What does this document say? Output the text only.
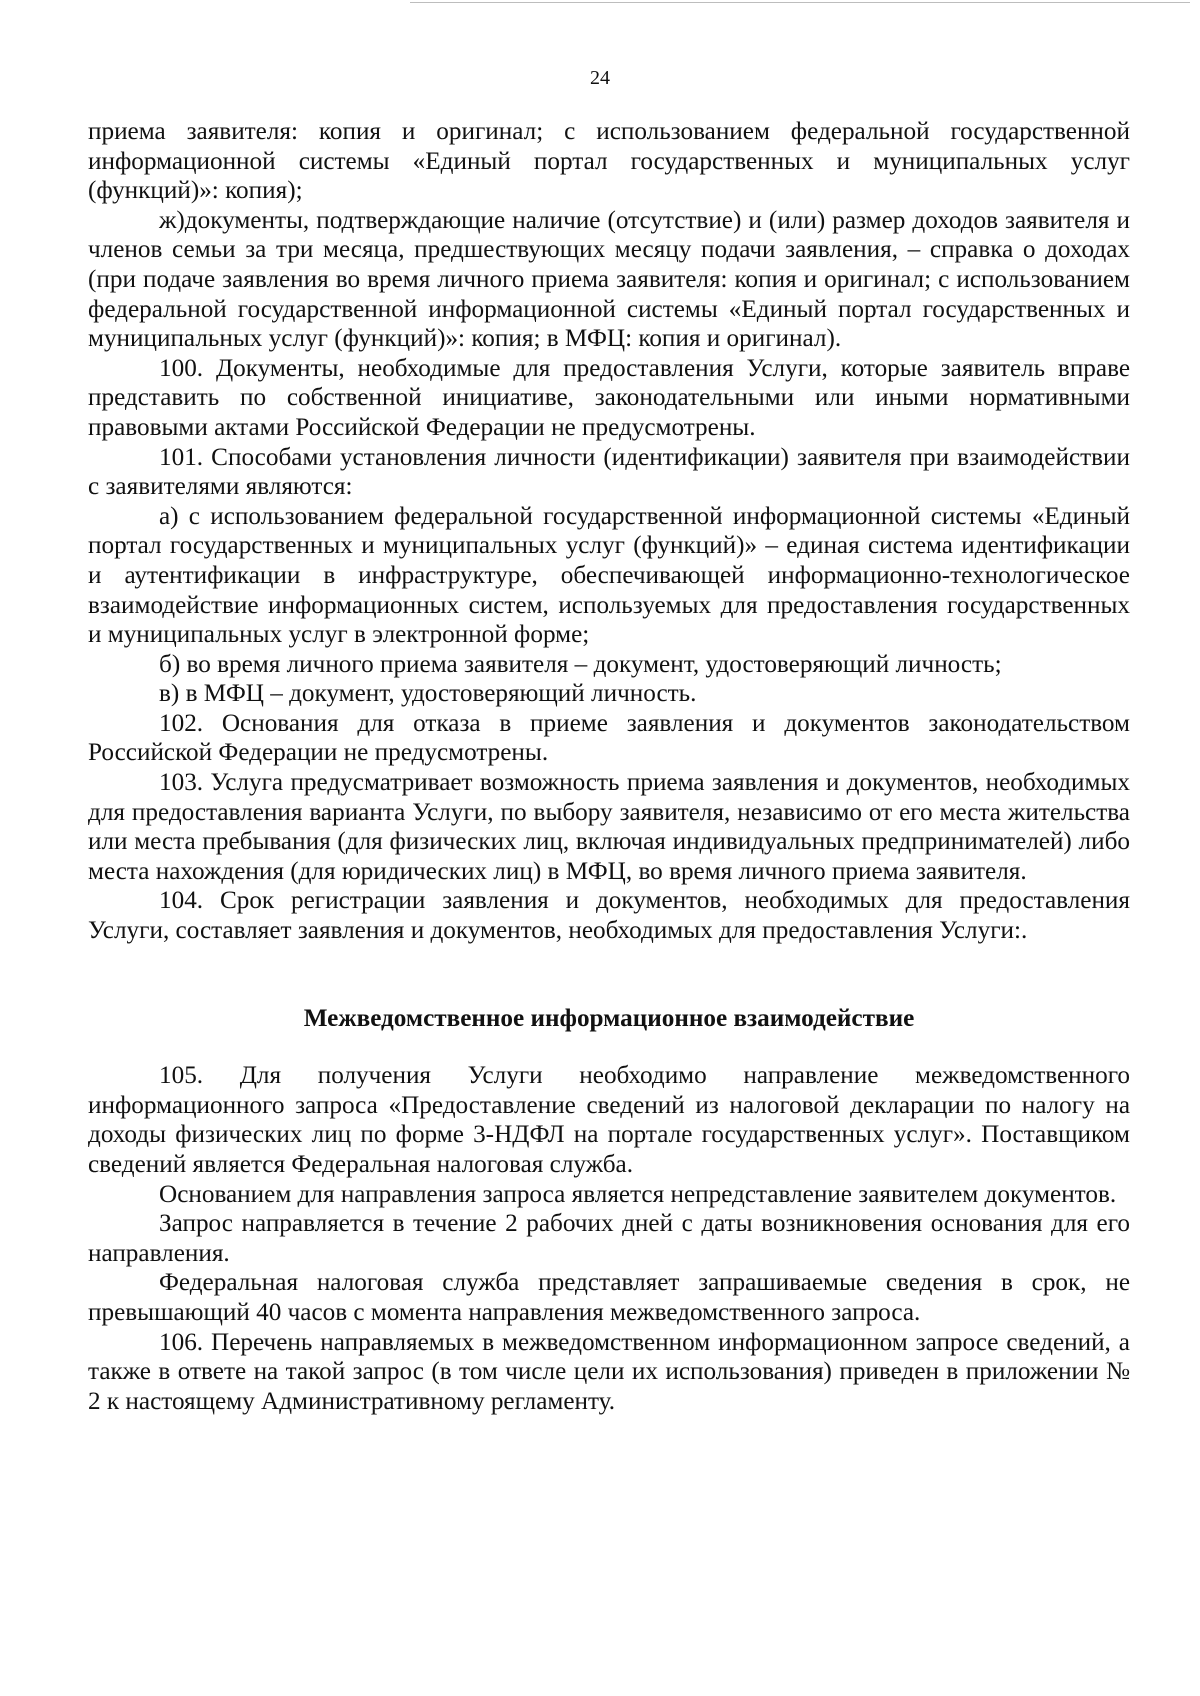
24

приема заявителя: копия и оригинал; с использованием федеральной государственной информационной системы «Единый портал государственных и муниципальных услуг (функций)»: копия);

ж)документы, подтверждающие наличие (отсутствие) и (или) размер доходов заявителя и членов семьи за три месяца, предшествующих месяцу подачи заявления, – справка о доходах (при подаче заявления во время личного приема заявителя: копия и оригинал; с использованием федеральной государственной информационной системы «Единый портал государственных и муниципальных услуг (функций)»: копия; в МФЦ: копия и оригинал).

100. Документы, необходимые для предоставления Услуги, которые заявитель вправе представить по собственной инициативе, законодательными или иными нормативными правовыми актами Российской Федерации не предусмотрены.

101. Способами установления личности (идентификации) заявителя при взаимодействии с заявителями являются:

а) с использованием федеральной государственной информационной системы «Единый портал государственных и муниципальных услуг (функций)» – единая система идентификации и аутентификации в инфраструктуре, обеспечивающей информационно-технологическое взаимодействие информационных систем, используемых для предоставления государственных и муниципальных услуг в электронной форме;

б) во время личного приема заявителя – документ, удостоверяющий личность;

в) в МФЦ – документ, удостоверяющий личность.

102. Основания для отказа в приеме заявления и документов законодательством Российской Федерации не предусмотрены.

103. Услуга предусматривает возможность приема заявления и документов, необходимых для предоставления варианта Услуги, по выбору заявителя, независимо от его места жительства или места пребывания (для физических лиц, включая индивидуальных предпринимателей) либо места нахождения (для юридических лиц) в МФЦ, во время личного приема заявителя.

104. Срок регистрации заявления и документов, необходимых для предоставления Услуги, составляет заявления и документов, необходимых для предоставления Услуги:.

Межведомственное информационное взаимодействие

105. Для получения Услуги необходимо направление межведомственного информационного запроса «Предоставление сведений из налоговой декларации по налогу на доходы физических лиц по форме 3-НДФЛ на портале государственных услуг». Поставщиком сведений является Федеральная налоговая служба.

Основанием для направления запроса является непредставление заявителем документов.

Запрос направляется в течение 2 рабочих дней с даты возникновения основания для его направления.

Федеральная налоговая служба представляет запрашиваемые сведения в срок, не превышающий 40 часов с момента направления межведомственного запроса.

106. Перечень направляемых в межведомственном информационном запросе сведений, а также в ответе на такой запрос (в том числе цели их использования) приведен в приложении № 2 к настоящему Административному регламенту.
